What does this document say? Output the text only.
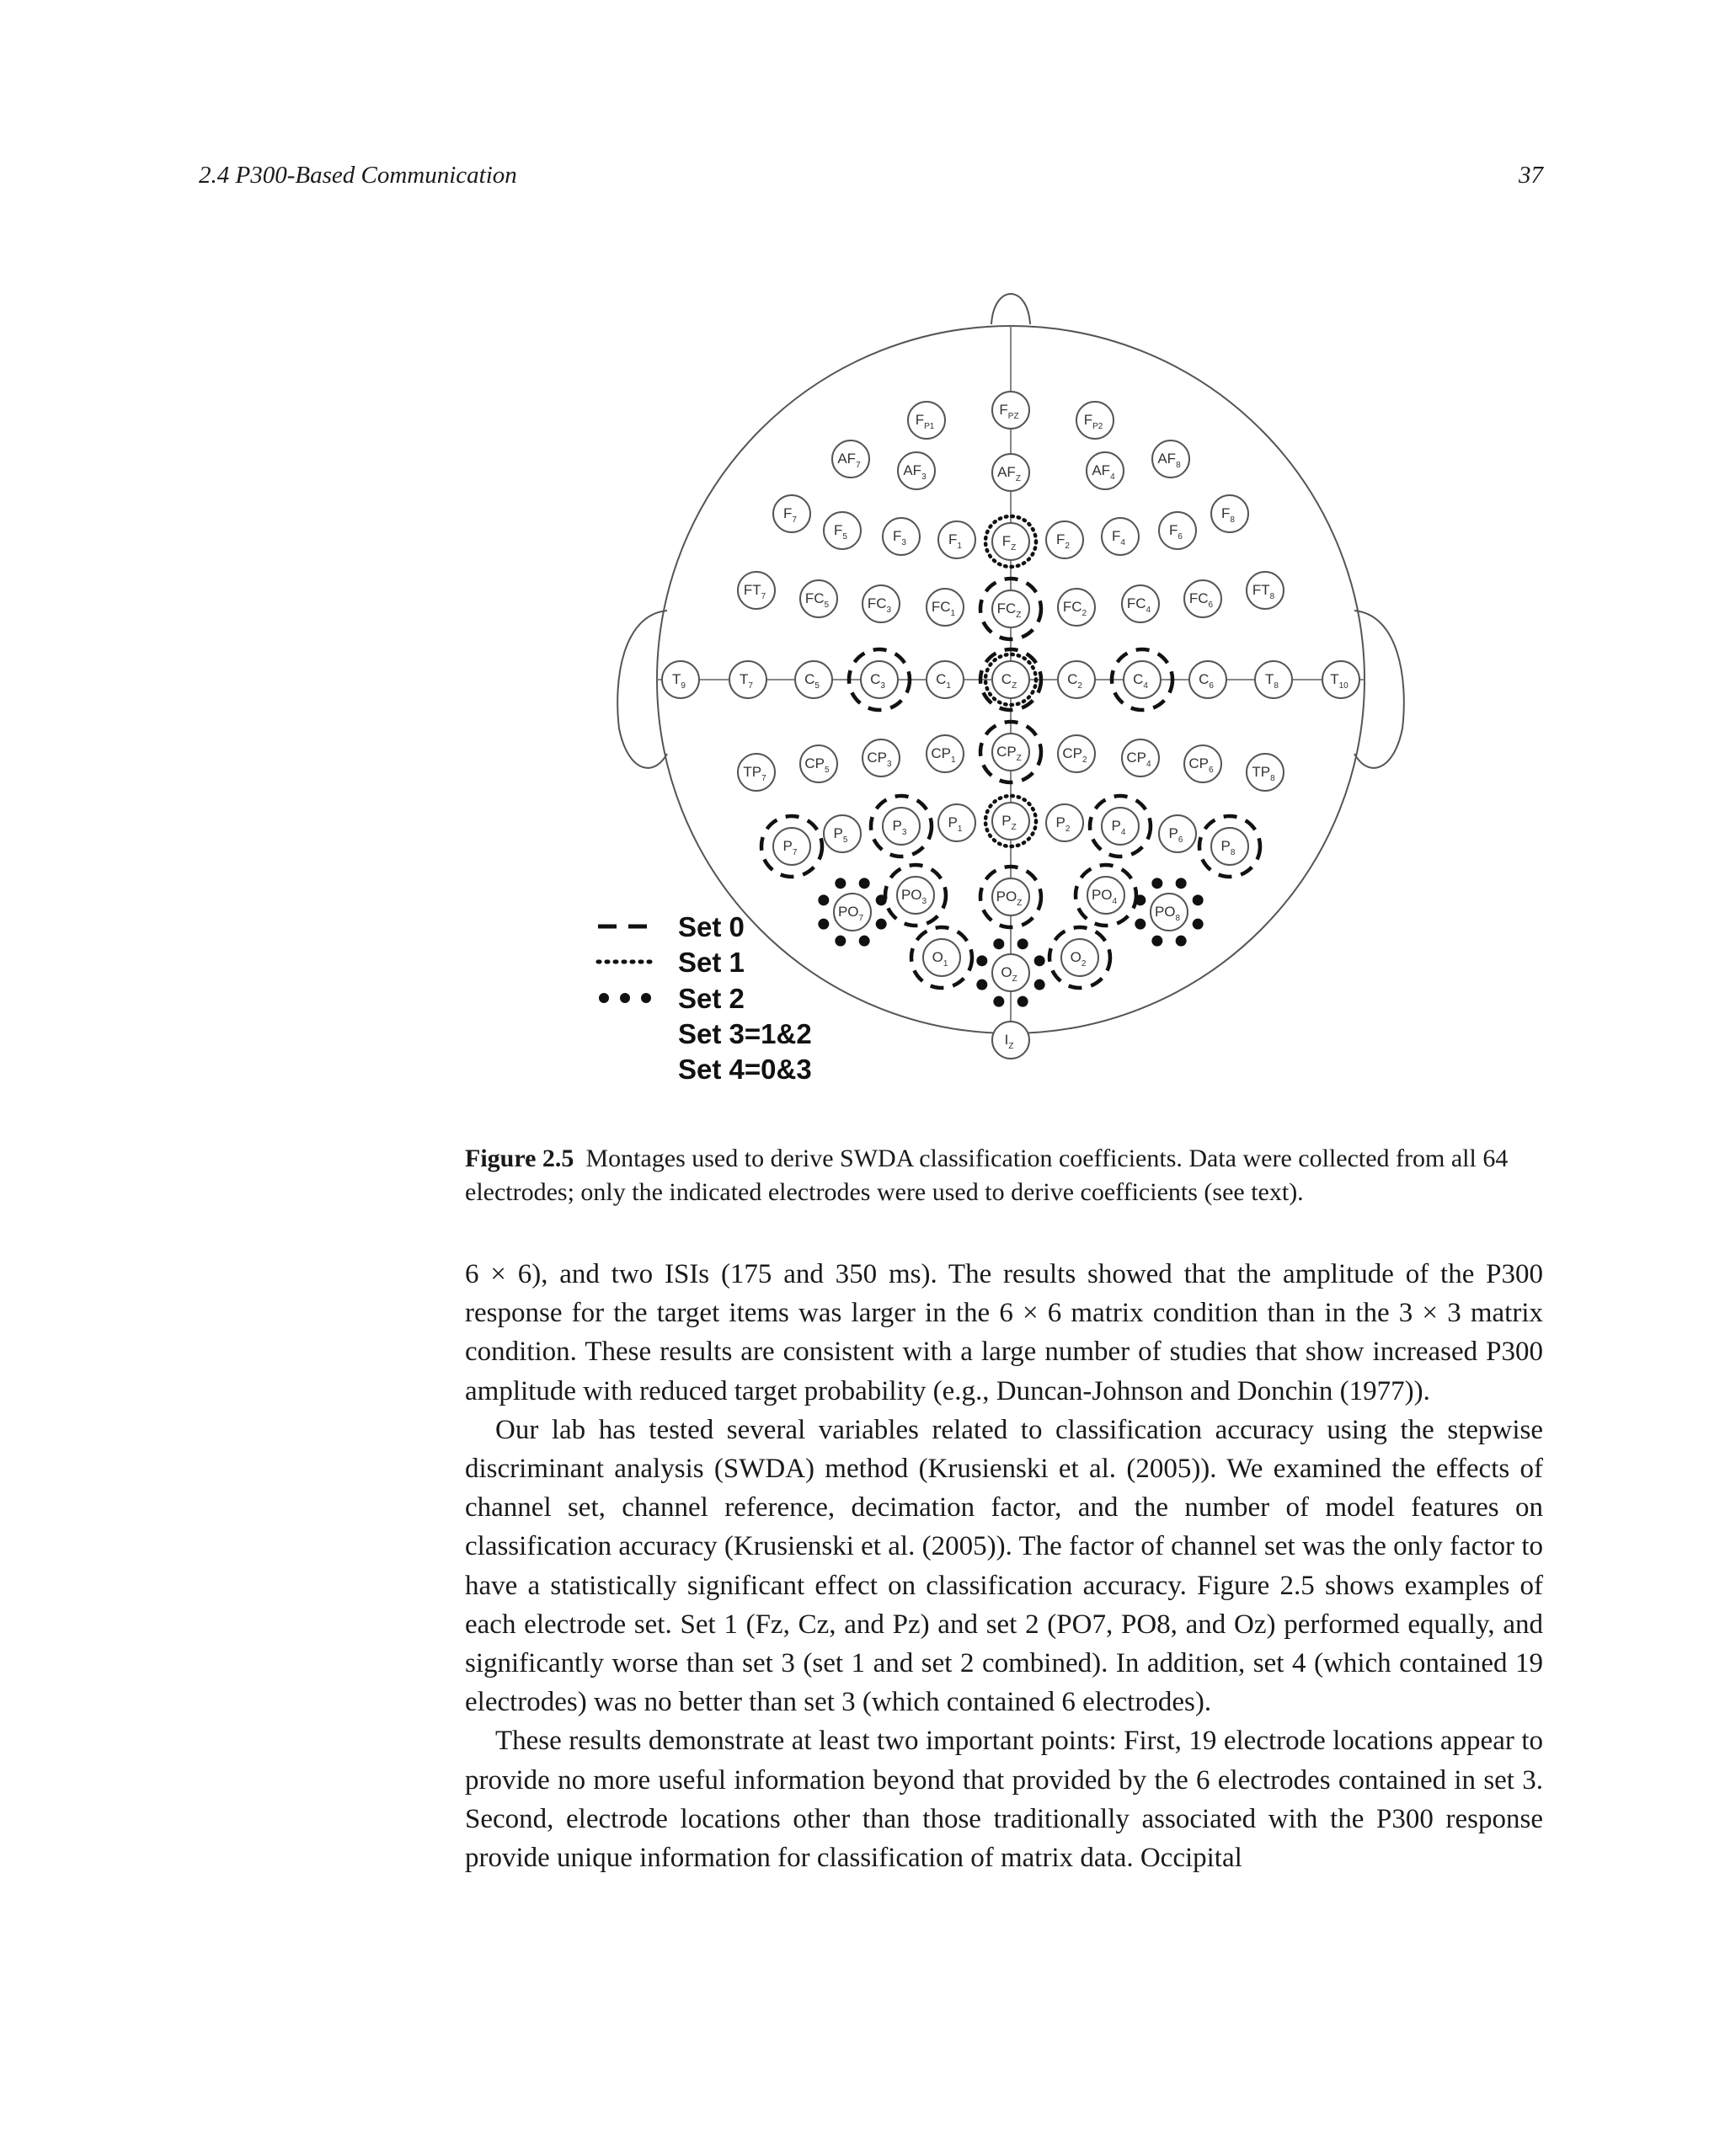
2.4 P300-Based Communication	37
$F_{P1}$
$F_{PZ}$	$F_{P2}$
$AF_7$	$AF_3$	$AF_Z$
$AF_4$
$AF_8$
$F_7$
$F_5$	$F_3$	$F_1$	$F_Z$
$F_2$
$F_4$
$F_6$
$F_8$
$FT_7$	$FC_5$	$FC_3$	$FC_1$	$FC_Z$
$FC_2$
$FC_4$
$FC_6$
$FT_8$
$T_9$	$T_7$	$C_5$	$C_3$	$C_1$	$C_Z$	$C_2$	$C_4$	$C_6$	$T_8$	$T_{10}$
$TP_7$
$CP_5$
$CP_3$
$CP_1$
$CP_Z$	$CP_2$	$CP_4$	$CP_6$	$TP_8$
$P_7$
$P_5$
$P_3$
$P_1$
$P_Z$	$P_2$	$P_4$	$P_6$	$P_8$
$PO_7$
$PO_3$	$PO_Z$
$PO_4$
$PO_8$
$O_1$
$O_Z$
$O_2$
$I_Z$
Set 0
Set 1
Set 2
Set 3=1&2
Set 4=0&3
Figure 2.5 Montages used to derive SWDA classification coefficients. Data were collected from all 64 electrodes; only the indicated electrodes were used to derive coefficients (see text).

6 × 6), and two ISIs (175 and 350 ms). The results showed that the amplitude of the P300 response for the target items was larger in the 6 × 6 matrix condition than in the 3 × 3 matrix condition. These results are consistent with a large number of studies that show increased P300 amplitude with reduced target probability (e.g., Duncan-Johnson and Donchin (1977)).

Our lab has tested several variables related to classification accuracy using the stepwise discriminant analysis (SWDA) method (Krusienski et al. (2005)). We examined the effects of channel set, channel reference, decimation factor, and the number of model features on classification accuracy (Krusienski et al. (2005)). The factor of channel set was the only factor to have a statistically significant effect on classification accuracy. Figure 2.5 shows examples of each electrode set. Set 1 (Fz, Cz, and Pz) and set 2 (PO7, PO8, and Oz) performed equally, and significantly worse than set 3 (set 1 and set 2 combined). In addition, set 4 (which contained 19 electrodes) was no better than set 3 (which contained 6 electrodes).

These results demonstrate at least two important points: First, 19 electrode locations appear to provide no more useful information beyond that provided by the 6 electrodes contained in set 3. Second, electrode locations other than those traditionally associated with the P300 response provide unique information for classification of matrix data. Occipital
